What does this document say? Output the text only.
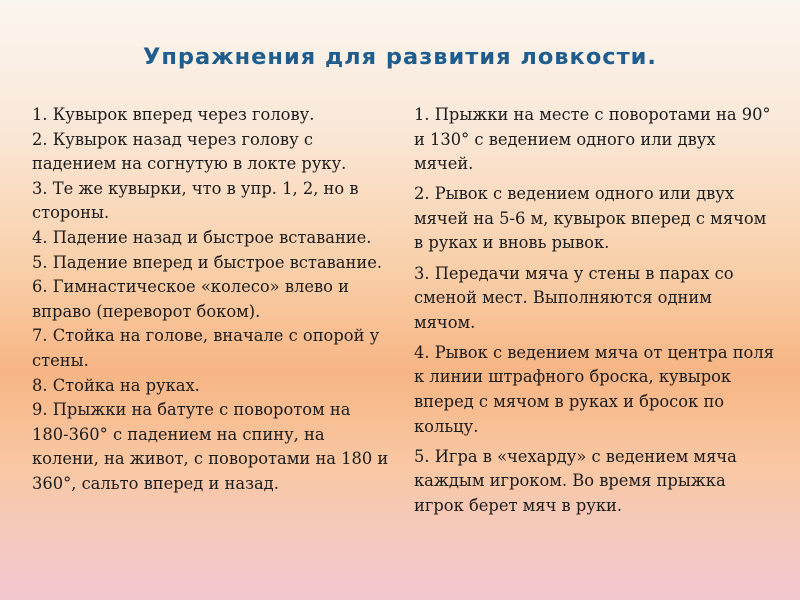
Упражнения для развития ловкости.

1. Кувырок вперед через голову.

2. Кувырок назад через голову с падением на согнутую в локте руку.

3. Те же кувырки, что в упр. 1, 2, но в стороны.

4. Падение назад и быстрое вставание.

5. Падение вперед и быстрое вставание.

6. Гимнастическое «колесо» влево и вправо (переворот боком).

7. Стойка на голове, вначале с опорой у стены.

8. Стойка на руках.

9. Прыжки на батуте с поворотом на 180-360° с падением на спину, на колени, на живот, с поворотами на 180 и 360°, сальто вперед и назад.

1. Прыжки на месте с поворотами на 90° и 130° с ведением одного или двух мячей.

2. Рывок с ведением одного или двух мячей на 5-6 м, кувырок вперед с мячом в руках и вновь рывок.

3. Передачи мяча у стены в парах со сменой мест. Выполняются одним мячом.

4. Рывок с ведением мяча от центра поля к линии штрафного броска, кувырок вперед с мячом в руках и бросок по кольцу.

5. Игра в «чехарду» с ведением мяча каждым игроком. Во время прыжка игрок берет мяч в руки.
